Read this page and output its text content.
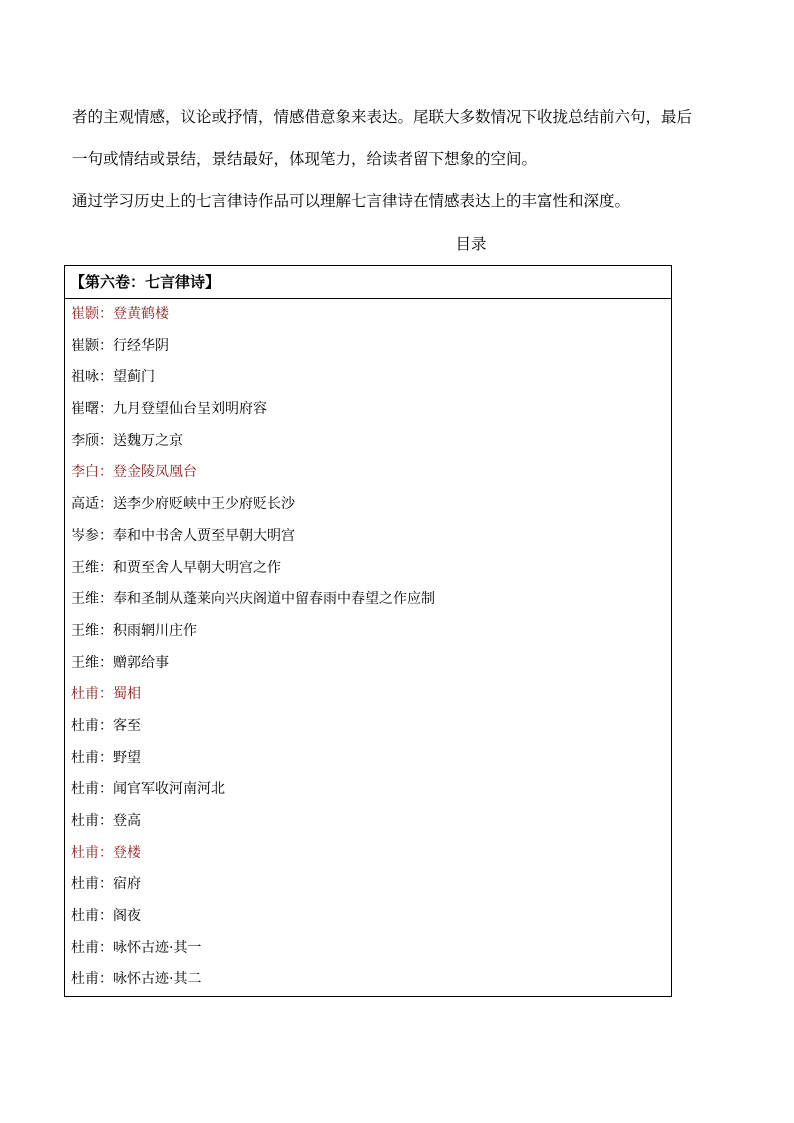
者的主观情感，议论或抒情，情感借意象来表达。尾联大多数情况下收拢总结前六句，最后

一句或情结或景结，景结最好，体现笔力，给读者留下想象的空间。

通过学习历史上的七言律诗作品可以理解七言律诗在情感表达上的丰富性和深度。

目录
【第六卷：七言律诗】
崔颢：登黄鹤楼
崔颢：行经华阴
祖咏：望蓟门
崔曙：九月登望仙台呈刘明府容
李颀：送魏万之京
李白：登金陵凤凰台
高适：送李少府贬峡中王少府贬长沙
岑参：奉和中书舍人贾至早朝大明宫
王维：和贾至舍人早朝大明宫之作
王维：奉和圣制从蓬莱向兴庆阁道中留春雨中春望之作应制
王维：积雨辋川庄作
王维：赠郭给事
杜甫：蜀相
杜甫：客至
杜甫：野望
杜甫：闻官军收河南河北
杜甫：登高
杜甫：登楼
杜甫：宿府
杜甫：阁夜
杜甫：咏怀古迹·其一
杜甫：咏怀古迹·其二
